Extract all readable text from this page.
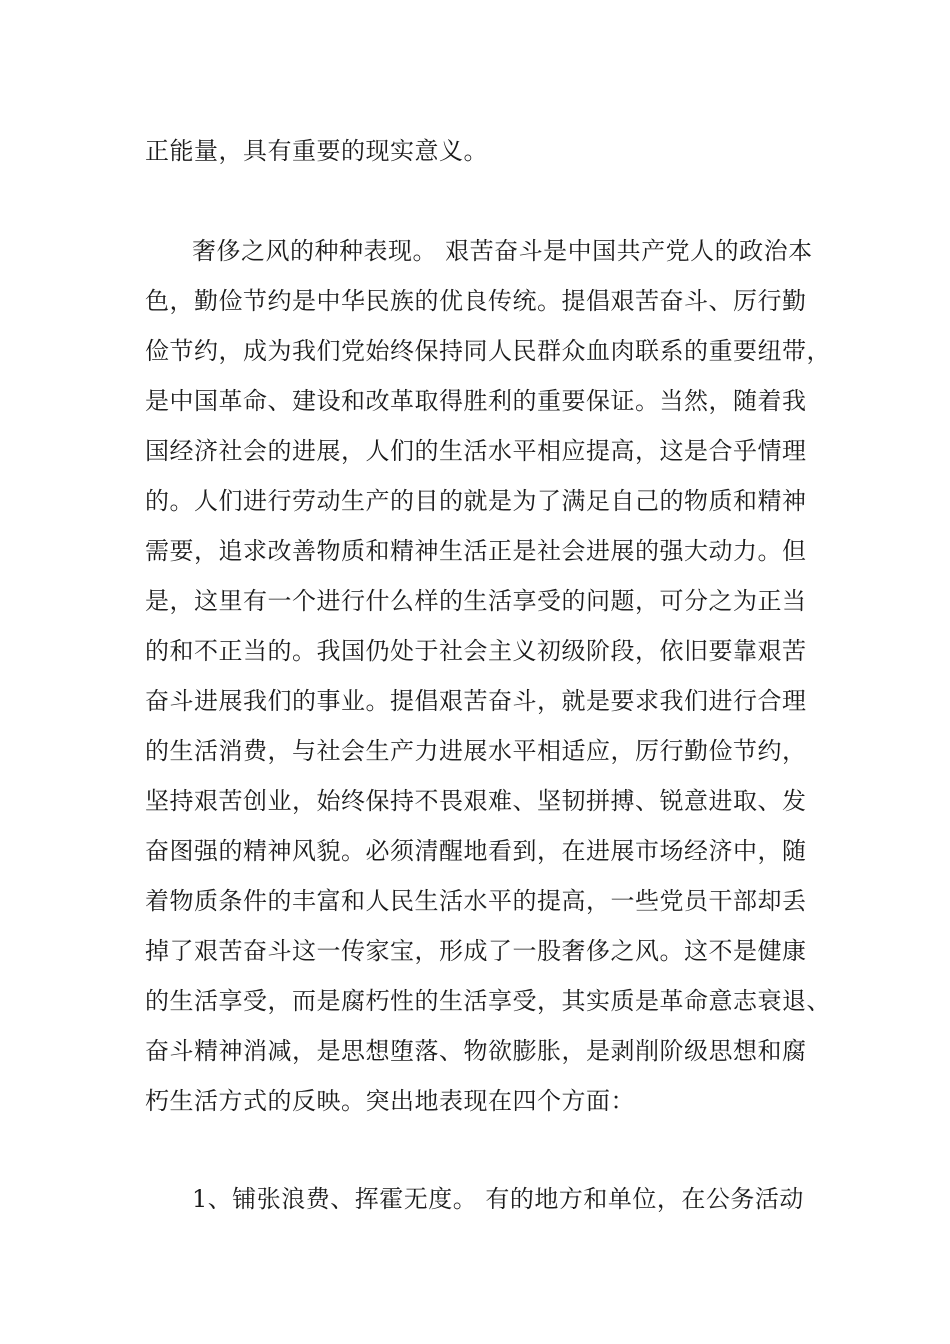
正能量，具有重要的现实意义。
奢侈之风的种种表现。 艰苦奋斗是中国共产党人的政治本
色，勤俭节约是中华民族的优良传统。提倡艰苦奋斗、厉行勤
俭节约，成为我们党始终保持同人民群众血肉联系的重要纽带，
是中国革命、建设和改革取得胜利的重要保证。当然，随着我
国经济社会的进展，人们的生活水平相应提高，这是合乎情理
的。人们进行劳动生产的目的就是为了满足自己的物质和精神
需要，追求改善物质和精神生活正是社会进展的强大动力。但
是，这里有一个进行什么样的生活享受的问题，可分之为正当
的和不正当的。我国仍处于社会主义初级阶段，依旧要靠艰苦
奋斗进展我们的事业。提倡艰苦奋斗，就是要求我们进行合理
的生活消费，与社会生产力进展水平相适应，厉行勤俭节约，
坚持艰苦创业，始终保持不畏艰难、坚韧拼搏、锐意进取、发
奋图强的精神风貌。必须清醒地看到，在进展市场经济中，随
着物质条件的丰富和人民生活水平的提高，一些党员干部却丢
掉了艰苦奋斗这一传家宝，形成了一股奢侈之风。这不是健康
的生活享受，而是腐朽性的生活享受，其实质是革命意志衰退、
奋斗精神消减，是思想堕落、物欲膨胀，是剥削阶级思想和腐
朽生活方式的反映。突出地表现在四个方面：
1、铺张浪费、挥霍无度。 有的地方和单位，在公务活动
